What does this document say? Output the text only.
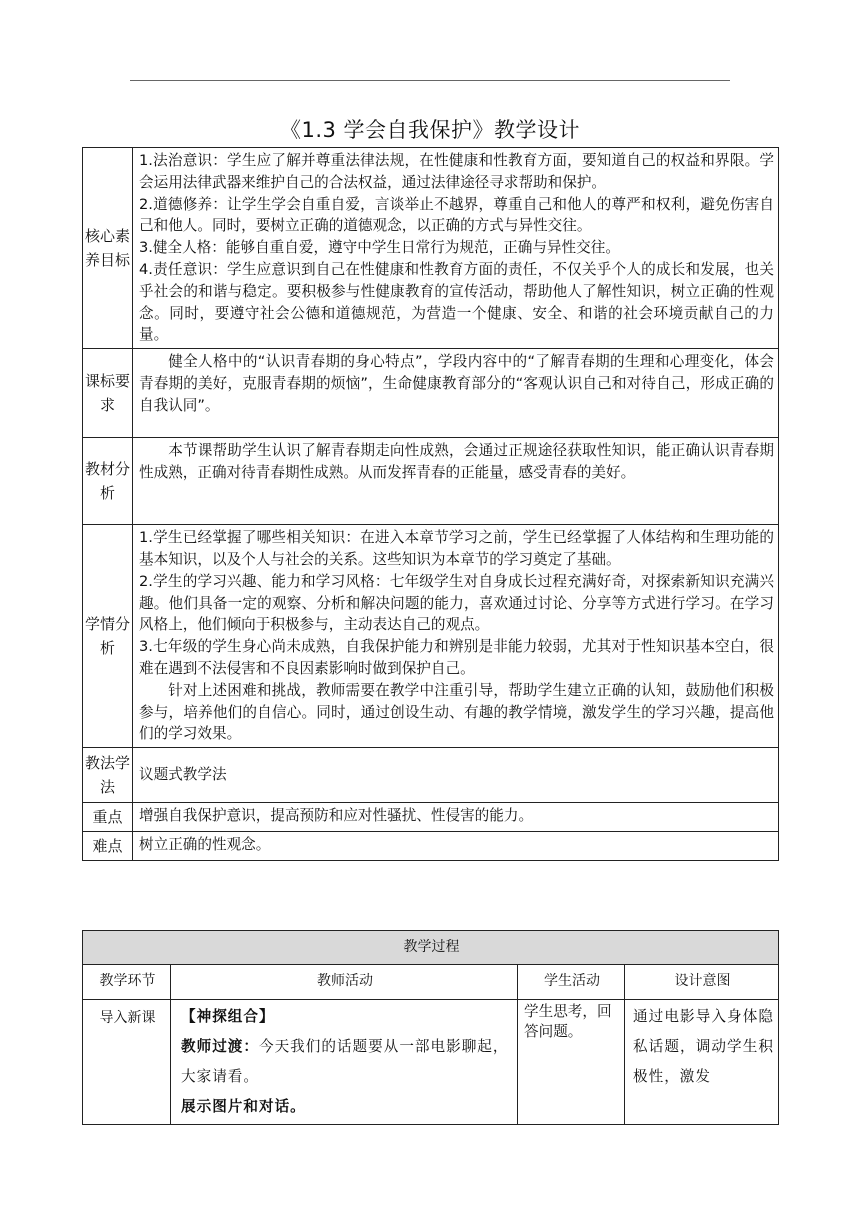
《1.3 学会自我保护》教学设计
核心素养目标	1.法治意识：学生应了解并尊重法律法规，在性健康和性教育方面，要知道自己的权益和界限。学会运用法律武器来维护自己的合法权益，通过法律途径寻求帮助和保护。

2.道德修养：让学生学会自重自爱，言谈举止不越界，尊重自己和他人的尊严和权利，避免伤害自己和他人。同时，要树立正确的道德观念，以正确的方式与异性交往。

3.健全人格：能够自重自爱，遵守中学生日常行为规范，正确与异性交往。

4.责任意识：学生应意识到自己在性健康和性教育方面的责任，不仅关乎个人的成长和发展，也关乎社会的和谐与稳定。要积极参与性健康教育的宣传活动，帮助他人了解性知识，树立正确的性观念。同时，要遵守社会公德和道德规范，为营造一个健康、安全、和谐的社会环境贡献自己的力量。

课标要求	健全人格中的“认识青春期的身心特点”，学段内容中的“了解青春期的生理和心理变化，体会青春期的美好，克服青春期的烦恼”，生命健康教育部分的“客观认识自己和对待自己，形成正确的自我认同”。

教材分析	本节课帮助学生认识了解青春期走向性成熟，会通过正规途径获取性知识，能正确认识青春期性成熟，正确对待青春期性成熟。从而发挥青春的正能量，感受青春的美好。

学情分析	1.学生已经掌握了哪些相关知识：在进入本章节学习之前，学生已经掌握了人体结构和生理功能的基本知识，以及个人与社会的关系。这些知识为本章节的学习奠定了基础。

2.学生的学习兴趣、能力和学习风格：七年级学生对自身成长过程充满好奇，对探索新知识充满兴趣。他们具备一定的观察、分析和解决问题的能力，喜欢通过讨论、分享等方式进行学习。在学习风格上，他们倾向于积极参与，主动表达自己的观点。

3.七年级的学生身心尚未成熟，自我保护能力和辨别是非能力较弱，尤其对于性知识基本空白，很难在遇到不法侵害和不良因素影响时做到保护自己。

针对上述困难和挑战，教师需要在教学中注重引导，帮助学生建立正确的认知，鼓励他们积极参与，培养他们的自信心。同时，通过创设生动、有趣的教学情境，激发学生的学习兴趣，提高他们的学习效果。

教法学法	议题式教学法
重点	增强自我保护意识，提高预防和应对性骚扰、性侵害的能力。
难点	树立正确的性观念。
教学过程			
教学环节	教师活动	学生活动	设计意图
导入新课	【神探组合】

教师过渡：今天我们的话题要从一部电影聊起，大家请看。

展示图片和对话。	学生思考，回答问题。	通过电影导入身体隐私话题，调动学生积极性，激发
